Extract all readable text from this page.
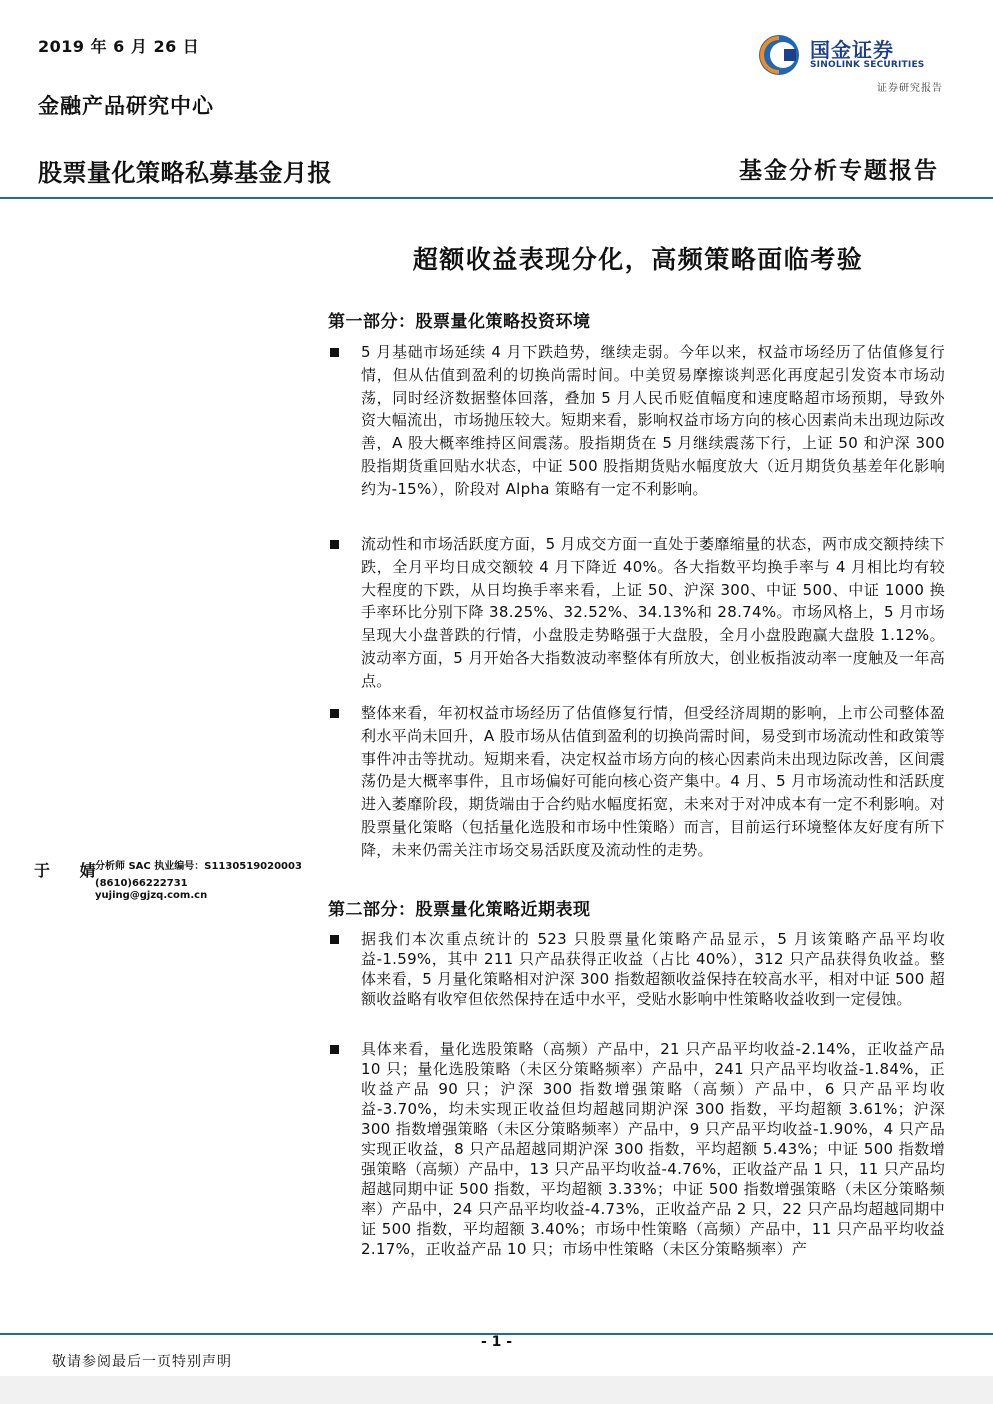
2019 年 6 月 26 日
金融产品研究中心
股票量化策略私募基金月报	基金分析专题报告
国金证券
SINOLINK SECURITIES
证券研究报告
超额收益表现分化，高频策略面临考验
第一部分：股票量化策略投资环境
5 月基础市场延续 4 月下跌趋势，继续走弱。今年以来，权益市场经历了估值修复行情，但从估值到盈利的切换尚需时间。中美贸易摩擦谈判恶化再度起引发资本市场动荡，同时经济数据整体回落，叠加 5 月人民币贬值幅度和速度略超市场预期，导致外资大幅流出，市场抛压较大。短期来看，影响权益市场方向的核心因素尚未出现边际改善，A 股大概率维持区间震荡。股指期货在 5 月继续震荡下行，上证 50 和沪深 300 股指期货重回贴水状态，中证 500 股指期货贴水幅度放大（近月期货负基差年化影响约为-15%），阶段对 Alpha 策略有一定不利影响。
流动性和市场活跃度方面，5 月成交方面一直处于萎靡缩量的状态，两市成交额持续下跌，全月平均日成交额较 4 月下降近 40%。各大指数平均换手率与 4 月相比均有较大程度的下跌，从日均换手率来看，上证 50、沪深 300、中证 500、中证 1000 换手率环比分别下降 38.25%、32.52%、34.13%和 28.74%。市场风格上，5 月市场呈现大小盘普跌的行情，小盘股走势略强于大盘股，全月小盘股跑赢大盘股 1.12%。波动率方面，5 月开始各大指数波动率整体有所放大，创业板指波动率一度触及一年高点。
整体来看，年初权益市场经历了估值修复行情，但受经济周期的影响，上市公司整体盈利水平尚未回升，A 股市场从估值到盈利的切换尚需时间，易受到市场流动性和政策等事件冲击等扰动。短期来看，决定权益市场方向的核心因素尚未出现边际改善，区间震荡仍是大概率事件，且市场偏好可能向核心资产集中。4 月、5 月市场流动性和活跃度进入萎靡阶段，期货端由于合约贴水幅度拓宽，未来对于对冲成本有一定不利影响。对股票量化策略（包括量化选股和市场中性策略）而言，目前运行环境整体友好度有所下降，未来仍需关注市场交易活跃度及流动性的走势。
第二部分：股票量化策略近期表现
据我们本次重点统计的 523 只股票量化策略产品显示，5 月该策略产品平均收益-1.59%，其中 211 只产品获得正收益（占比 40%），312 只产品获得负收益。整体来看，5 月量化策略相对沪深 300 指数超额收益保持在较高水平，相对中证 500 超额收益略有收窄但依然保持在适中水平，受贴水影响中性策略收益收到一定侵蚀。
具体来看，量化选股策略（高频）产品中，21 只产品平均收益-2.14%，正收益产品 10 只；量化选股策略（未区分策略频率）产品中，241 只产品平均收益-1.84%，正收益产品 90 只；沪深 300 指数增强策略（高频）产品中，6 只产品平均收益-3.70%，均未实现正收益但均超越同期沪深 300 指数，平均超额 3.61%；沪深 300 指数增强策略（未区分策略频率）产品中，9 只产品平均收益-1.90%，4 只产品实现正收益，8 只产品超越同期沪深 300 指数，平均超额 5.43%；中证 500 指数增强策略（高频）产品中，13 只产品平均收益-4.76%，正收益产品 1 只，11 只产品均超越同期中证 500 指数，平均超额 3.33%；中证 500 指数增强策略（未区分策略频率）产品中，24 只产品平均收益-4.73%，正收益产品 2 只，22 只产品均超越同期中证 500 指数，平均超额 3.40%；市场中性策略（高频）产品中，11 只产品平均收益 2.17%，正收益产品 10 只；市场中性策略（未区分策略频率）产
于 婧
分析师 SAC 执业编号：S1130519020003
(8610)66222731
yujing@gjzq.com.cn
- 1 -
敬请参阅最后一页特别声明
